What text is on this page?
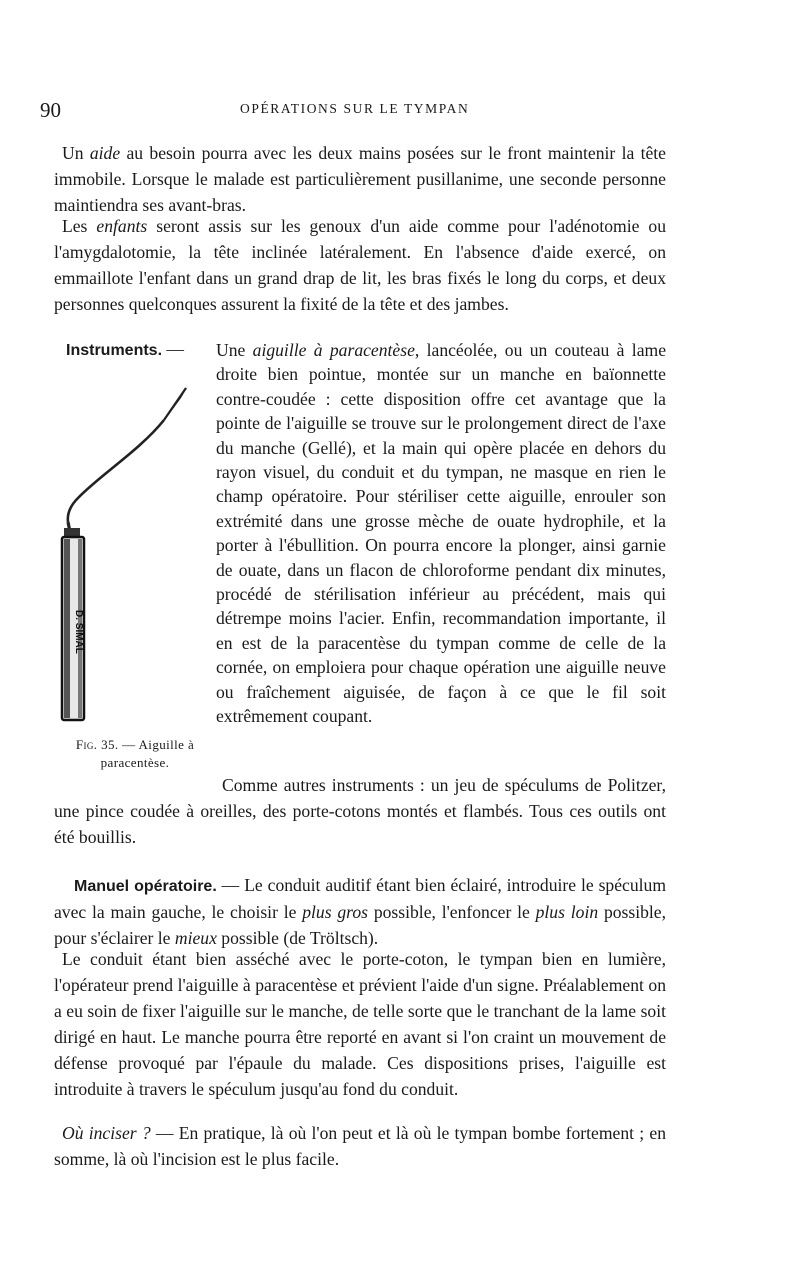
90	OPÉRATIONS SUR LE TYMPAN

Un aide au besoin pourra avec les deux mains posées sur le front maintenir la tête immobile. Lorsque le malade est particulièrement pusillanime, une seconde personne maintiendra ses avant-bras.

Les enfants seront assis sur les genoux d'un aide comme pour l'adénotomie ou l'amygdalotomie, la tête inclinée latéralement. En l'absence d'aide exercé, on emmaillote l'enfant dans un grand drap de lit, les bras fixés le long du corps, et deux personnes quelconques assurent la fixité de la tête et des jambes.

Instruments. — Une aiguille à paracentèse, lancéolée, ou un couteau à lame droite bien pointue, montée sur un manche en baïonnette contre-coudée : cette disposition offre cet avantage que la pointe de l'aiguille se trouve sur le prolongement direct de l'axe du manche (Gellé), et la main qui opère placée en dehors du rayon visuel, du conduit et du tympan, ne masque en rien le champ opératoire. Pour stériliser cette aiguille, enrouler son extrémité dans une grosse mèche de ouate hydrophile, et la porter à l'ébullition. On pourra encore la plonger, ainsi garnie de ouate, dans un flacon de chloroforme pendant dix minutes, procédé de stérilisation inférieur au précédent, mais qui détrempe moins l'acier. Enfin, recommandation importante, il en est de la paracentèse du tympan comme de celle de la cornée, on emploiera pour chaque opération une aiguille neuve ou fraîchement aiguisée, de façon à ce que le fil soit extrêmement coupant.

D. SIMAL
Fig. 35. — Aiguille à paracentèse.

Comme autres instruments : un jeu de spéculums de Politzer, une pince coudée à oreilles, des porte-cotons montés et flambés. Tous ces outils ont été bouillis.

Manuel opératoire. — Le conduit auditif étant bien éclairé, introduire le spéculum avec la main gauche, le choisir le plus gros possible, l'enfoncer le plus loin possible, pour s'éclairer le mieux possible (de Tröltsch).

Le conduit étant bien asséché avec le porte-coton, le tympan bien en lumière, l'opérateur prend l'aiguille à paracentèse et prévient l'aide d'un signe. Préalablement on a eu soin de fixer l'aiguille sur le manche, de telle sorte que le tranchant de la lame soit dirigé en haut. Le manche pourra être reporté en avant si l'on craint un mouvement de défense provoqué par l'épaule du malade. Ces dispositions prises, l'aiguille est introduite à travers le spéculum jusqu'au fond du conduit.

Où inciser ? — En pratique, là où l'on peut et là où le tympan bombe fortement ; en somme, là où l'incision est le plus facile.
